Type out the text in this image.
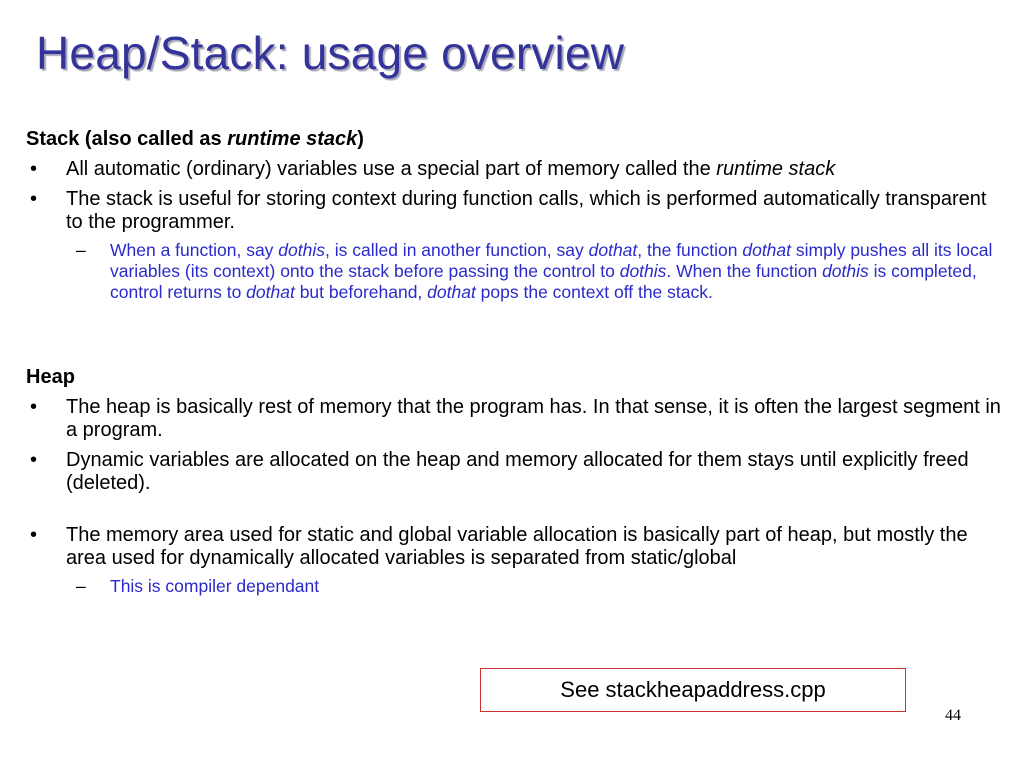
Heap/Stack: usage overview
Stack (also called as runtime stack)
• All automatic (ordinary) variables use a special part of memory called the runtime stack
• The stack is useful for storing context during function calls, which is performed automatically transparent to the programmer.
– When a function, say dothis, is called in another function, say dothat, the function dothat simply pushes all its local variables (its context) onto the stack before passing the control to dothis. When the function dothis is completed, control returns to dothat but beforehand, dothat pops the context off the stack.
Heap
• The heap is basically rest of memory that the program has. In that sense, it is often the largest segment in a program.
• Dynamic variables are allocated on the heap and memory allocated for them stays until explicitly freed (deleted).
• The memory area used for static and global variable allocation is basically part of heap, but mostly the area used for dynamically allocated variables is separated from static/global
– This is compiler dependant
See stackheapaddress.cpp
44
